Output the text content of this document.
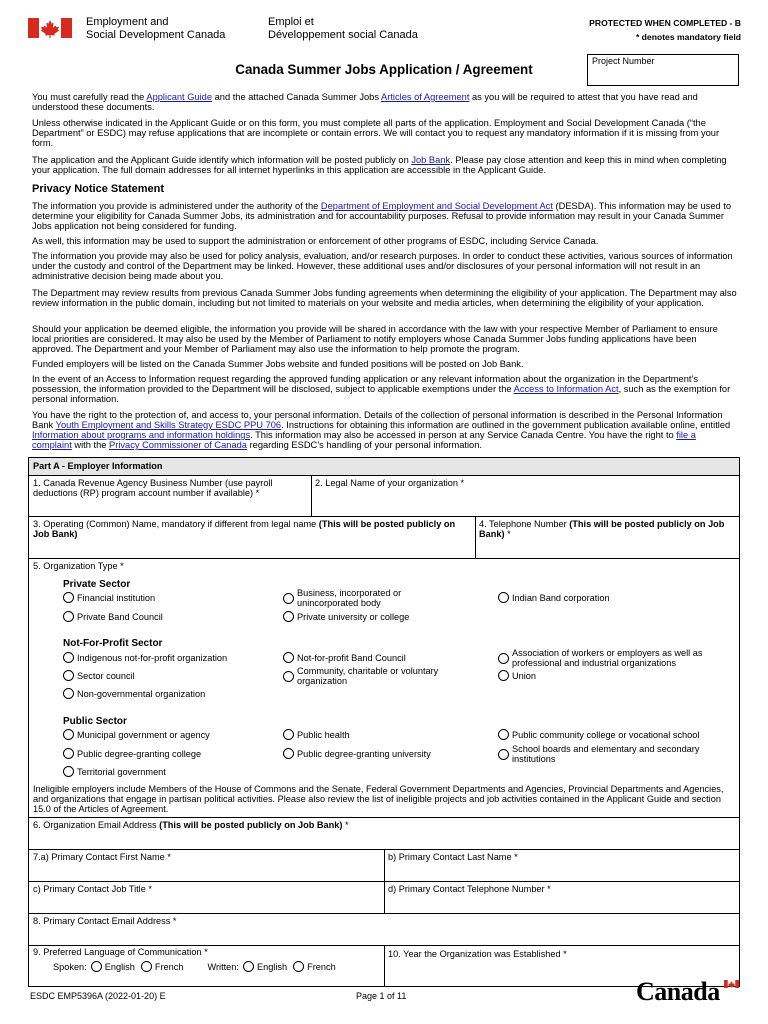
Employment and
Social Development Canada
Emploi et
Développement social Canada
PROTECTED WHEN COMPLETED - B
* denotes mandatory field
Project Number
Canada Summer Jobs Application / Agreement

You must carefully read the Applicant Guide and the attached Canada Summer Jobs Articles of Agreement as you will be required to attest that you have read and understood these documents.

Unless otherwise indicated in the Applicant Guide or on this form, you must complete all parts of the application. Employment and Social Development Canada (“the Department” or ESDC) may refuse applications that are incomplete or contain errors. We will contact you to request any mandatory information if it is missing from your form.

The application and the Applicant Guide identify which information will be posted publicly on Job Bank. Please pay close attention and keep this in mind when completing your application. The full domain addresses for all internet hyperlinks in this application are accessible in the Applicant Guide.

Privacy Notice Statement

The information you provide is administered under the authority of the Department of Employment and Social Development Act (DESDA). This information may be used to determine your eligibility for Canada Summer Jobs, its administration and for accountability purposes. Refusal to provide information may result in your Canada Summer Jobs application not being considered for funding.

As well, this information may be used to support the administration or enforcement of other programs of ESDC, including Service Canada.

The information you provide may also be used for policy analysis, evaluation, and/or research purposes. In order to conduct these activities, various sources of information under the custody and control of the Department may be linked. However, these additional uses and/or disclosures of your personal information will not result in an administrative decision being made about you.

The Department may review results from previous Canada Summer Jobs funding agreements when determining the eligibility of your application. The Department may also review information in the public domain, including but not limited to materials on your website and media articles, when determining the eligibility of your application.

Should your application be deemed eligible, the information you provide will be shared in accordance with the law with your respective Member of Parliament to ensure local priorities are considered. It may also be used by the Member of Parliament to notify employers whose Canada Summer Jobs funding applications have been approved. The Department and your Member of Parliament may also use the information to help promote the program.

Funded employers will be listed on the Canada Summer Jobs website and funded positions will be posted on Job Bank.

In the event of an Access to Information request regarding the approved funding application or any relevant information about the organization in the Department’s possession, the information provided to the Department will be disclosed, subject to applicable exemptions under the Access to Information Act, such as the exemption for personal information.

You have the right to the protection of, and access to, your personal information. Details of the collection of personal information is described in the Personal Information Bank Youth Employment and Skills Strategy ESDC PPU 706. Instructions for obtaining this information are outlined in the government publication available online, entitled Information about programs and information holdings. This information may also be accessed in person at any Service Canada Centre. You have the right to file a complaint with the Privacy Commissioner of Canada regarding ESDC’s handling of your personal information.

Part A - Employer Information
1. Canada Revenue Agency Business Number (use payroll deductions (RP) program account number if available) *
2. Legal Name of your organization *
3. Operating (Common) Name, mandatory if different from legal name (This will be posted publicly on Job Bank)
4. Telephone Number (This will be posted publicly on Job Bank) *
5. Organization Type *
Private Sector
Financial institution	Business, incorporated or unincorporated body
Indian Band corporation
Private Band Council	Private university or college
Not-For-Profit Sector
Indigenous not-for-profit organization	Not-for-profit Band Council	Association of workers or employers as well as professional and industrial organizations
Sector council	Community, charitable or voluntary organization
Union
Non-governmental organization
Public Sector
Municipal government or agency	Public health	Public community college or vocational school
Public degree-granting college	Public degree-granting university	School boards and elementary and secondary institutions
Territorial government
Ineligible employers include Members of the House of Commons and the Senate, Federal Government Departments and Agencies, Provincial Departments and Agencies, and organizations that engage in partisan political activities. Please also review the list of ineligible projects and job activities contained in the Applicant Guide and section 15.0 of the Articles of Agreement.
6. Organization Email Address (This will be posted publicly on Job Bank) *
7.a) Primary Contact First Name *	b) Primary Contact Last Name *
c) Primary Contact Job Title *	d) Primary Contact Telephone Number *
8. Primary Contact Email Address *
9. Preferred Language of Communication *
Spoken: English French	Written: English French
10. Year the Organization was Established *
ESDC EMP5396A (2022-01-20) E	Page 1 of 11	Canada
